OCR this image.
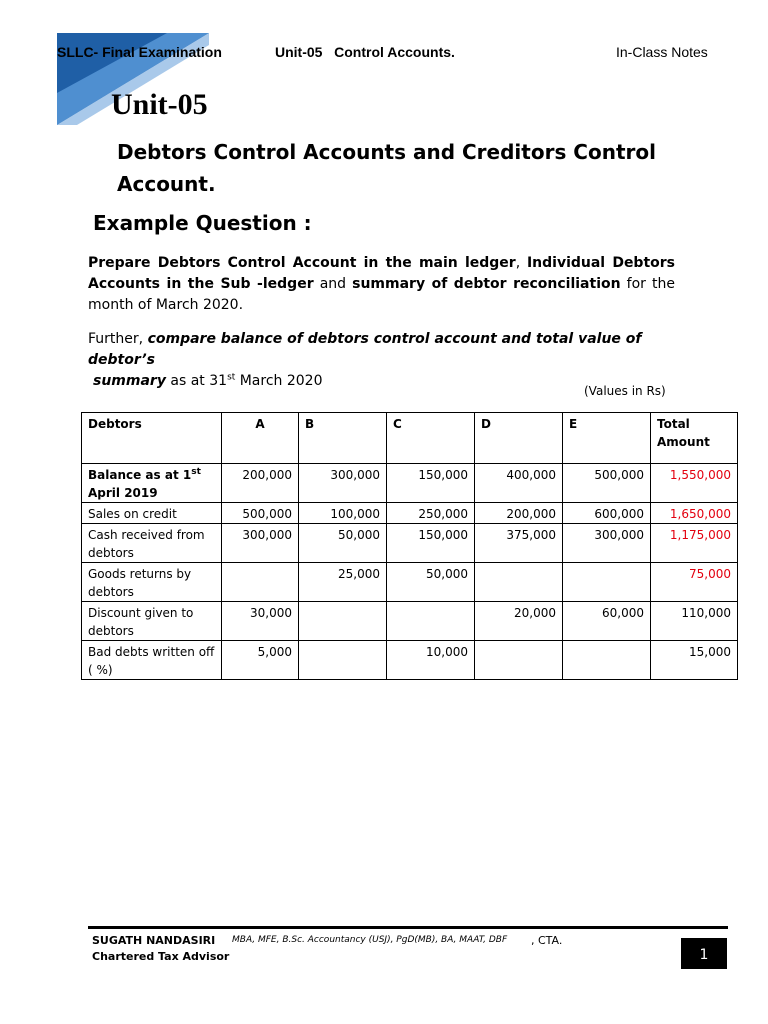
SLLC- Final Examination	Unit-05   Control Accounts.	In-Class Notes
Unit-05
Debtors Control Accounts and Creditors Control Account.
Example Question :
Prepare Debtors Control Account in the main ledger, Individual Debtors Accounts in the Sub -ledger and summary of debtor reconciliation for the month of March 2020.
Further, compare balance of debtors control account and total value of debtor’s
summary as at 31st March 2020
(Values in Rs)
Debtors	A	B	C	D	E	Total Amount
Balance as at 1st April 2019	200,000	300,000	150,000	400,000	500,000	1,550,000
Sales on credit	500,000	100,000	250,000	200,000	600,000	1,650,000
Cash received from debtors	300,000	50,000	150,000	375,000	300,000	1,175,000
Goods returns by debtors		25,000	50,000			75,000
Discount given to debtors	30,000			20,000	60,000	110,000
Bad debts written off ( %)	5,000		10,000			15,000
SUGATH NANDASIRI MBA, MFE, B.Sc. Accountancy (USJ), PgD(MB), BA, MAAT, DBF , CTA.
Chartered Tax Advisor	1
